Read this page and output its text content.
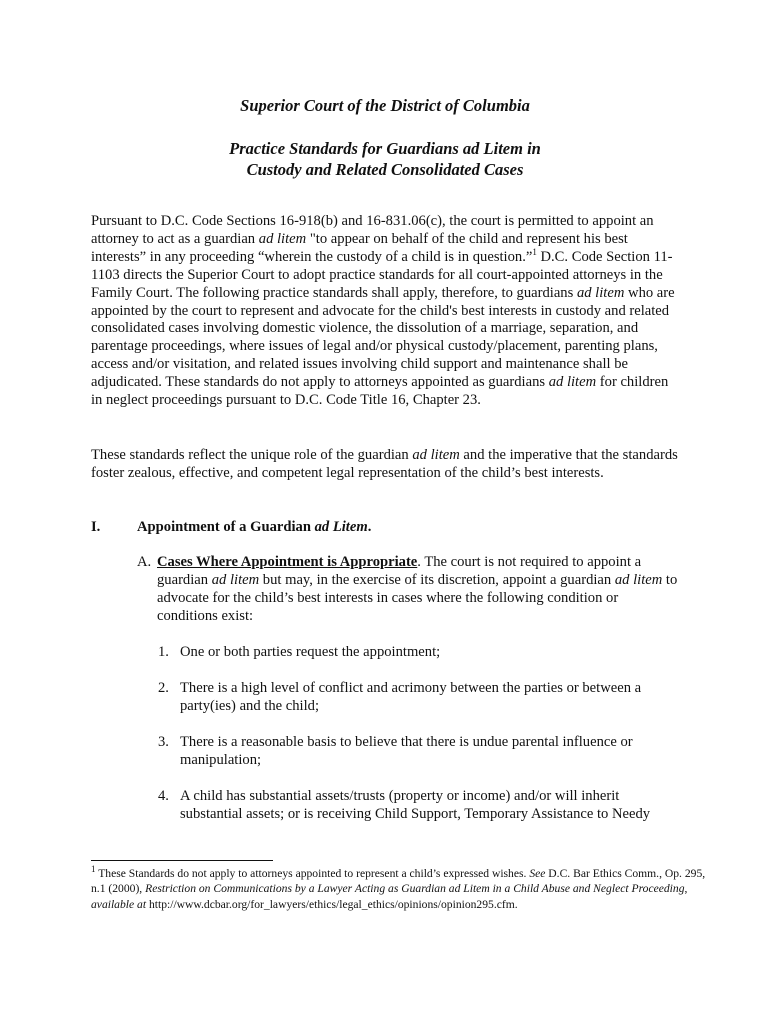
Superior Court of the District of Columbia
Practice Standards for Guardians ad Litem in
Custody and Related Consolidated Cases
Pursuant to D.C. Code Sections 16-918(b) and 16-831.06(c), the court is permitted to appoint an attorney to act as a guardian ad litem "to appear on behalf of the child and represent his best interests” in any proceeding “wherein the custody of a child is in question.”$^1$ D.C. Code Section 11-1103 directs the Superior Court to adopt practice standards for all court-appointed attorneys in the Family Court. The following practice standards shall apply, therefore, to guardians ad litem who are appointed by the court to represent and advocate for the child's best interests in custody and related consolidated cases involving domestic violence, the dissolution of a marriage, separation, and parentage proceedings, where issues of legal and/or physical custody/placement, parenting plans, access and/or visitation, and related issues involving child support and maintenance shall be adjudicated. These standards do not apply to attorneys appointed as guardians ad litem for children in neglect proceedings pursuant to D.C. Code Title 16, Chapter 23.
These standards reflect the unique role of the guardian ad litem and the imperative that the standards foster zealous, effective, and competent legal representation of the child’s best interests.
I.	Appointment of a Guardian ad Litem.
A. Cases Where Appointment is Appropriate. The court is not required to appoint a guardian ad litem but may, in the exercise of its discretion, appoint a guardian ad litem to advocate for the child’s best interests in cases where the following condition or conditions exist:
1. One or both parties request the appointment;
2. There is a high level of conflict and acrimony between the parties or between a party(ies) and the child;
3. There is a reasonable basis to believe that there is undue parental influence or manipulation;
4. A child has substantial assets/trusts (property or income) and/or will inherit substantial assets; or is receiving Child Support, Temporary Assistance to Needy
$^1$ These Standards do not apply to attorneys appointed to represent a child’s expressed wishes. See D.C. Bar Ethics Comm., Op. 295, n.1 (2000), Restriction on Communications by a Lawyer Acting as Guardian ad Litem in a Child Abuse and Neglect Proceeding, available at http://www.dcbar.org/for_lawyers/ethics/legal_ethics/opinions/opinion295.cfm.
